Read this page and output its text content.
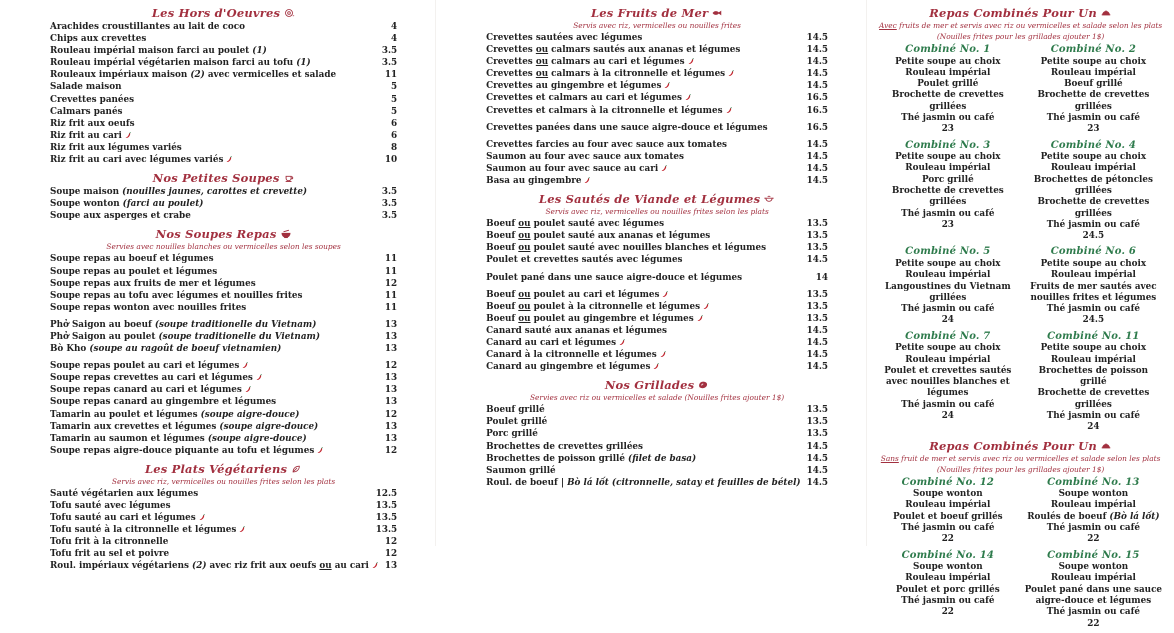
Les Hors d'Oeuvres
Arachides croustillantes au lait de coco	4
Chips aux crevettes	4
Rouleau impérial maison farci au poulet (1)	3.5
Rouleau impérial végétarien maison farci au tofu (1)	3.5
Rouleaux impériaux maison (2) avec vermicelles et salade	11
Salade maison	5
Crevettes panées	5
Calmars panés	5
Riz frit aux oeufs	6
Riz frit au cari	6
Riz frit aux légumes variés	8
Riz frit au cari avec légumes variés	10
Nos Petites Soupes
Soupe maison (nouilles jaunes, carottes et crevette)	3.5
Soupe wonton (farci au poulet)	3.5
Soupe aux asperges et crabe	3.5
Nos Soupes Repas
Servies avec nouilles blanches ou vermicelles selon les soupes
Soupe repas au boeuf et légumes	11
Soupe repas au poulet et légumes	11
Soupe repas aux fruits de mer et légumes	12
Soupe repas au tofu avec légumes et nouilles frites	11
Soupe repas wonton avec nouilles frites	11
Phở Saigon au boeuf (soupe traditionelle du Vietnam)	13
Phở Saigon au poulet (soupe traditionelle du Vietnam)	13
Bò Kho (soupe au ragoût de boeuf vietnamien)	13
Soupe repas poulet au cari et légumes	12
Soupe repas crevettes au cari et légumes	13
Soupe repas canard au cari et légumes	13
Soupe repas canard au gingembre et légumes	13
Tamarin au poulet et légumes (soupe aigre-douce)	12
Tamarin aux crevettes et légumes (soupe aigre-douce)	13
Tamarin au saumon et légumes (soupe aigre-douce)	13
Soupe repas aigre-douce piquante au tofu et légumes	12
Les Plats Végétariens
Servis avec riz, vermicelles ou nouilles frites selon les plats
Sauté végétarien aux légumes	12.5
Tofu sauté avec légumes	13.5
Tofu sauté au cari et légumes	13.5
Tofu sauté à la citronnelle et légumes	13.5
Tofu frit à la citronnelle	12
Tofu frit au sel et poivre	12
Roul. impériaux végétariens (2) avec riz frit aux oeufs ou au cari	13
Les Fruits de Mer
Servis avec riz, vermicelles ou nouilles frites
Crevettes sautées avec légumes	14.5
Crevettes ou calmars sautés aux ananas et légumes	14.5
Crevettes ou calmars au cari et légumes	14.5
Crevettes ou calmars à la citronnelle et légumes	14.5
Crevettes au gingembre et légumes	14.5
Crevettes et calmars au cari et légumes	16.5
Crevettes et calmars à la citronnelle et légumes	16.5
Crevettes panées dans une sauce aigre-douce et légumes	16.5
Crevettes farcies au four avec sauce aux tomates	14.5
Saumon au four avec sauce aux tomates	14.5
Saumon au four avec sauce au cari	14.5
Basa au gingembre	14.5
Les Sautés de Viande et Légumes
Servis avec riz, vermicelles ou nouilles frites selon les plats
Boeuf ou poulet sauté avec légumes	13.5
Boeuf ou poulet sauté aux ananas et légumes	13.5
Boeuf ou poulet sauté avec nouilles blanches et légumes	13.5
Poulet et crevettes sautés avec légumes	14.5
Poulet pané dans une sauce aigre-douce et légumes	14
Boeuf ou poulet au cari et légumes	13.5
Boeuf ou poulet à la citronnelle et légumes	13.5
Boeuf ou poulet au gingembre et légumes	13.5
Canard sauté aux ananas et légumes	14.5
Canard au cari et légumes	14.5
Canard à la citronnelle et légumes	14.5
Canard au gingembre et légumes	14.5
Nos Grillades
Servies avec riz ou vermicelles et salade (Nouilles frites ajouter 1$)
Boeuf grillé	13.5
Poulet grillé	13.5
Porc grillé	13.5
Brochettes de crevettes grillées	14.5
Brochettes de poisson grillé (filet de basa)	14.5
Saumon grillé	14.5
Roul. de boeuf | Bò lá lốt (citronnelle, satay et feuilles de bétel) 14.5
Repas Combinés Pour Un
Avec fruits de mer et servis avec riz ou vermicelles et salade selon les plats
(Nouilles frites pour les grillades ajouter 1$)
Combiné No. 1
Petite soupe au choix
Rouleau impérial
Poulet grillé
Brochette de crevettes grillées
Thé jasmin ou café
23
Combiné No. 2
Petite soupe au choix
Rouleau impérial
Boeuf grillé
Brochette de crevettes grillées
Thé jasmin ou café
23
Combiné No. 3
Petite soupe au choix
Rouleau impérial
Porc grillé
Brochette de crevettes grillées
Thé jasmin ou café
23
Combiné No. 4
Petite soupe au choix
Rouleau impérial
Brochettes de pétoncles grillées
Brochette de crevettes grillées
Thé jasmin ou café
24.5
Combiné No. 5
Petite soupe au choix
Rouleau impérial
Langoustines du Vietnam grillées
Thé jasmin ou café
24
Combiné No. 6
Petite soupe au choix
Rouleau impérial
Fruits de mer sautés avec nouilles frites et légumes
Thé jasmin ou café
24.5
Combiné No. 7
Petite soupe au choix
Rouleau impérial
Poulet et crevettes sautés avec nouilles blanches et légumes
Thé jasmin ou café
24
Combiné No. 11
Petite soupe au choix
Rouleau impérial
Brochettes de poisson grillé
Brochette de crevettes grillées
Thé jasmin ou café
24
Repas Combinés Pour Un
Sans fruit de mer et servis avec riz ou vermicelles et salade selon les plats
(Nouilles frites pour les grillades ajouter 1$)
Combiné No. 12
Soupe wonton
Rouleau impérial
Poulet et boeuf grillés
Thé jasmin ou café
22
Combiné No. 13
Soupe wonton
Rouleau impérial
Roulés de boeuf (Bò lá lốt)
Thé jasmin ou café
22
Combiné No. 14
Soupe wonton
Rouleau impérial
Poulet et porc grillés
Thé jasmin ou café
22
Combiné No. 15
Soupe wonton
Rouleau impérial
Poulet pané dans une sauce aigre-douce et légumes
Thé jasmin ou café
22
